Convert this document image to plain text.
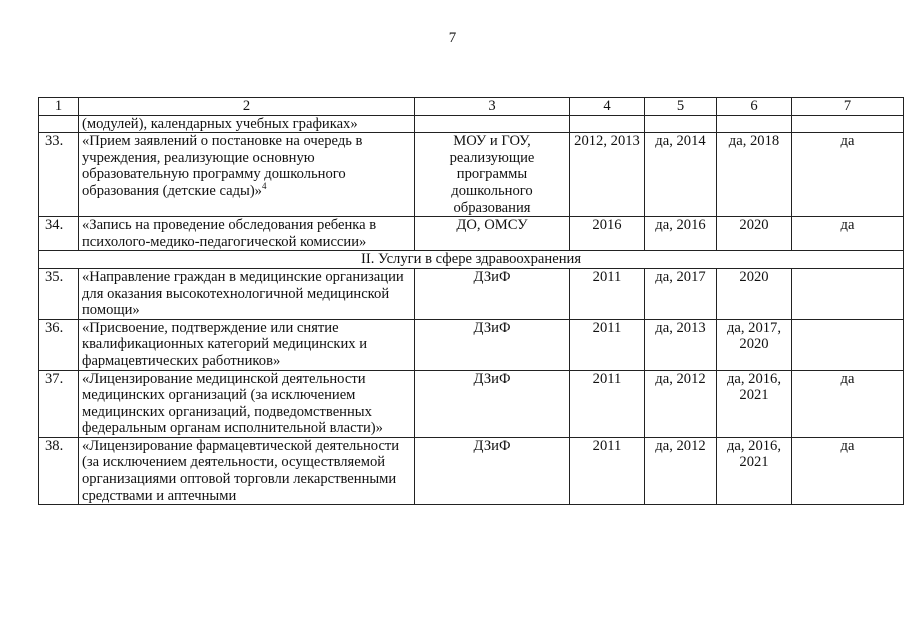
7
1	2	3	4	5	6	7
	(модулей), календарных учебных графиках»					
33.	«Прием заявлений о постановке на очередь в учреждения, реализующие основную образовательную программу дошкольного образования (детские сады)»$^4$	МОУ и ГОУ, реализующие программы дошкольного образования	2012, 2013	да, 2014	да, 2018	да
34.	«Запись на проведение обследования ребенка в психолого-медико-педагогической комиссии»	ДО, ОМСУ	2016	да, 2016	2020	да
II. Услуги в сфере здравоохранения						
35.	«Направление граждан в медицинские организации для оказания высокотехнологичной медицинской помощи»	ДЗиФ	2011	да, 2017	2020	
36.	«Присвоение, подтверждение или снятие квалификационных категорий медицинских и фармацевтических работников»	ДЗиФ	2011	да, 2013	да, 2017, 2020	
37.	«Лицензирование медицинской деятельности медицинских организаций (за исключением медицинских организаций, подведомственных федеральным органам исполнительной власти)»	ДЗиФ	2011	да, 2012	да, 2016, 2021	да
38.	«Лицензирование фармацевтической деятельности (за исключением деятельности, осуществляемой организациями оптовой торговли лекарственными средствами и аптечными	ДЗиФ	2011	да, 2012	да, 2016, 2021	да
